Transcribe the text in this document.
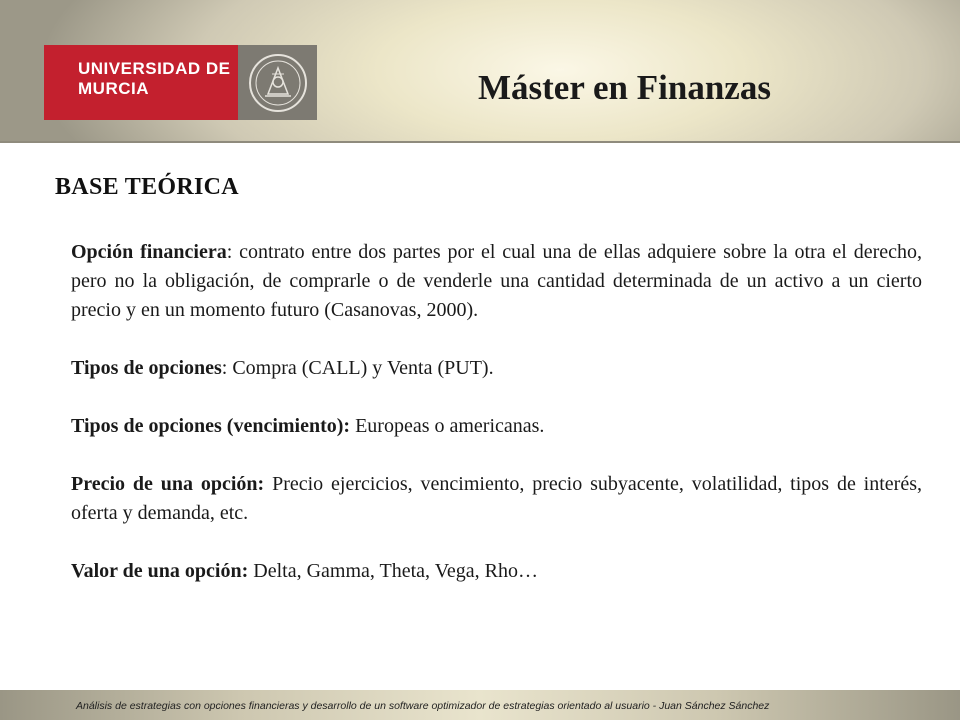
UNIVERSIDAD DE
MURCIA	Máster en Finanzas
BASE TEÓRICA

Opción financiera: contrato entre dos partes por el cual una de ellas adquiere sobre la otra el derecho, pero no la obligación, de comprarle o de venderle una cantidad determinada de un activo a un cierto precio y en un momento futuro (Casanovas, 2000).

Tipos de opciones: Compra (CALL) y Venta (PUT).

Tipos de opciones (vencimiento): Europeas o americanas.

Precio de una opción: Precio ejercicios, vencimiento, precio subyacente, volatilidad, tipos de interés, oferta y demanda, etc.

Valor de una opción: Delta, Gamma, Theta, Vega, Rho…

Análisis de estrategias con opciones financieras y desarrollo de un software optimizador de estrategias orientado al usuario - Juan Sánchez Sánchez
